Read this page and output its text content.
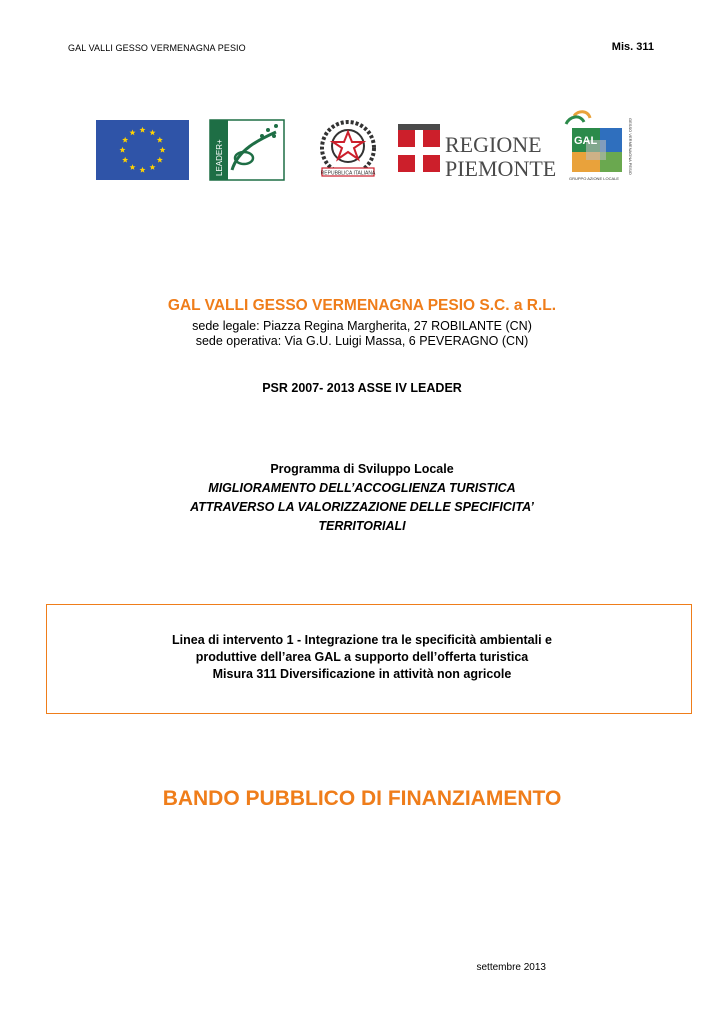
GAL VALLI GESSO VERMENAGNA PESIO	Mis. 311
LEADER+	REPUBBLICA ITALIANA
REGIONE
PIEMONTE
GAL
GRUPPO AZIONE LOCALE
GESSO VERMENAGNA PESIO
GAL VALLI GESSO VERMENAGNA PESIO S.C. a R.L.
sede legale: Piazza Regina Margherita, 27 ROBILANTE (CN)
sede operativa: Via G.U. Luigi Massa, 6 PEVERAGNO (CN)
PSR 2007- 2013 ASSE IV LEADER
Programma di Sviluppo Locale
MIGLIORAMENTO DELL’ACCOGLIENZA TURISTICA
ATTRAVERSO LA VALORIZZAZIONE DELLE SPECIFICITA’
TERRITORIALI
Linea di intervento 1 - Integrazione tra le specificità ambientali e
produttive dell’area GAL a supporto dell’offerta turistica
Misura 311 Diversificazione in attività non agricole
BANDO PUBBLICO DI FINANZIAMENTO
settembre 2013
